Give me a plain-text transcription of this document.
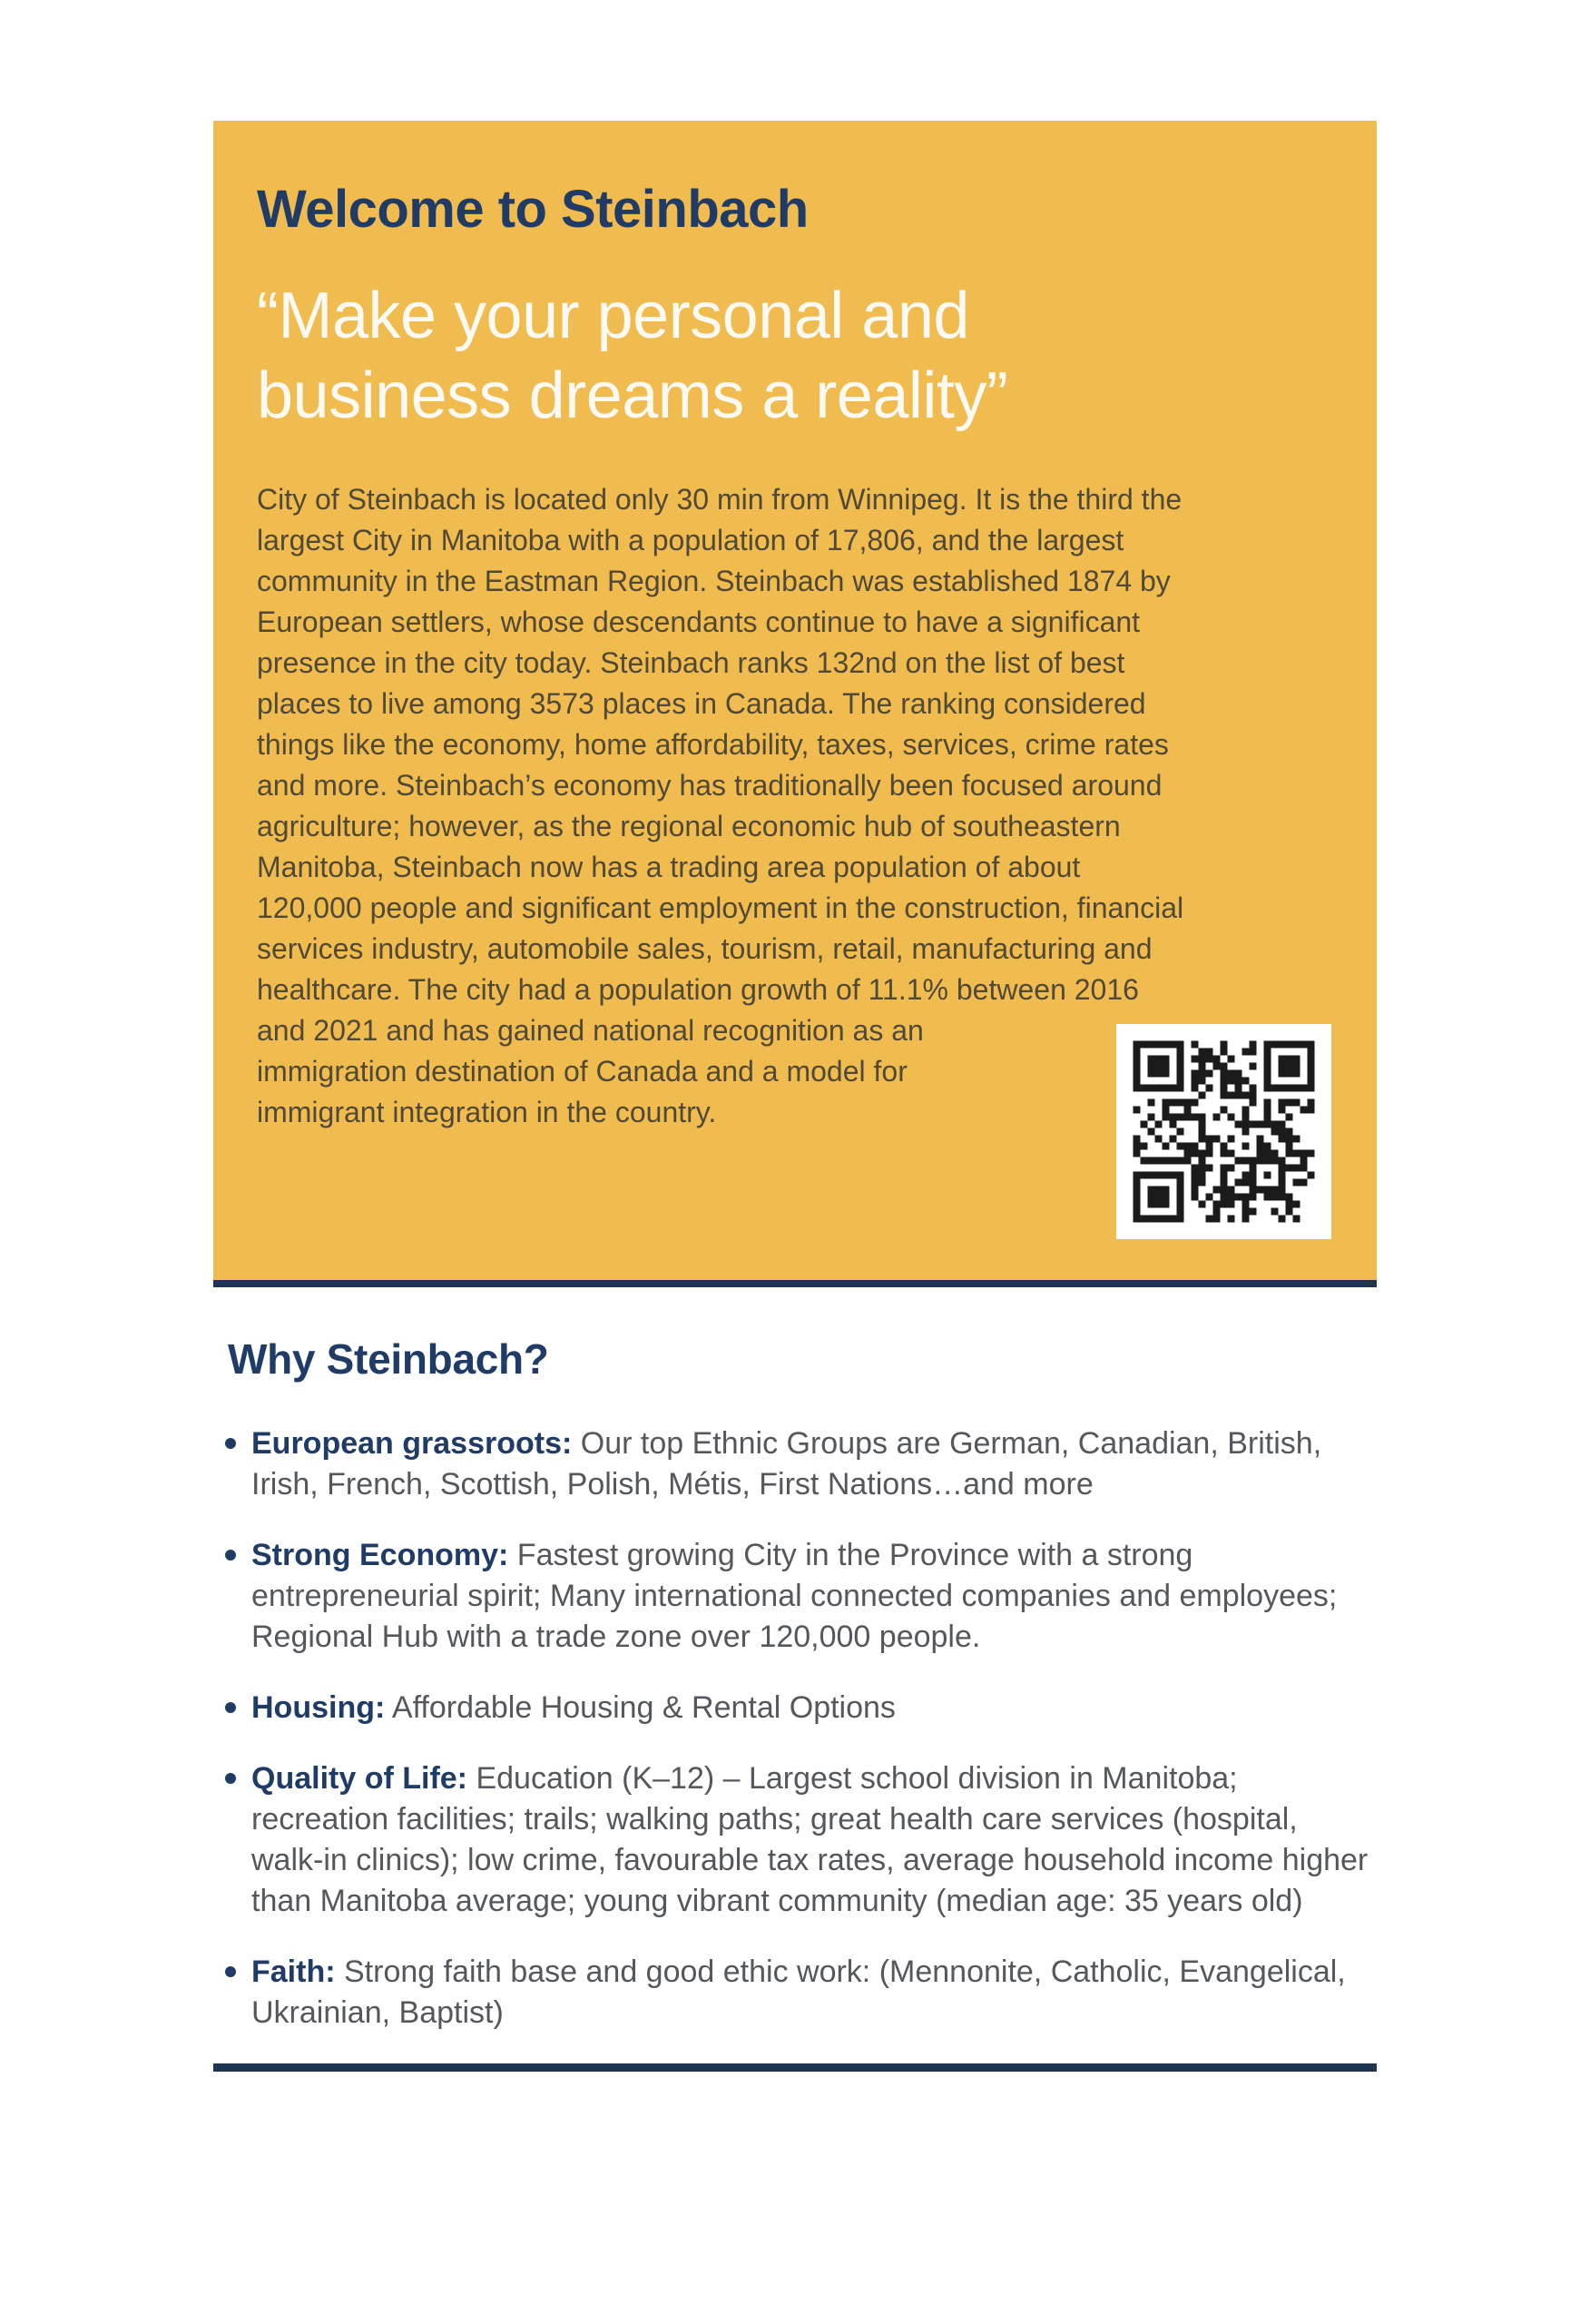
Welcome to Steinbach
“Make your personal and
business dreams a reality”
City of Steinbach is located only 30 min from Winnipeg. It is the third the
largest City in Manitoba with a population of 17,806, and the largest
community in the Eastman Region. Steinbach was established 1874 by
European settlers, whose descendants continue to have a significant
presence in the city today. Steinbach ranks 132nd on the list of best
places to live among 3573 places in Canada. The ranking considered
things like the economy, home affordability, taxes, services, crime rates
and more. Steinbach’s economy has traditionally been focused around
agriculture; however, as the regional economic hub of southeastern
Manitoba, Steinbach now has a trading area population of about
120,000 people and significant employment in the construction, financial
services industry, automobile sales, tourism, retail, manufacturing and
healthcare. The city had a population growth of 11.1% between 2016
and 2021 and has gained national recognition as an
immigration destination of Canada and a model for
immigrant integration in the country.
Why Steinbach?
European grassroots: Our top Ethnic Groups are German, Canadian, British, Irish, French, Scottish, Polish, Métis, First Nations…and more
Strong Economy: Fastest growing City in the Province with a strong entrepreneurial spirit; Many international connected companies and employees; Regional Hub with a trade zone over 120,000 people.
Housing: Affordable Housing & Rental Options
Quality of Life: Education (K–12) – Largest school division in Manitoba; recreation facilities; trails; walking paths; great health care services (hospital, walk-in clinics); low crime, favourable tax rates, average household income higher than Manitoba average; young vibrant community (median age: 35 years old)
Faith: Strong faith base and good ethic work: (Mennonite, Catholic, Evangelical, Ukrainian, Baptist)
